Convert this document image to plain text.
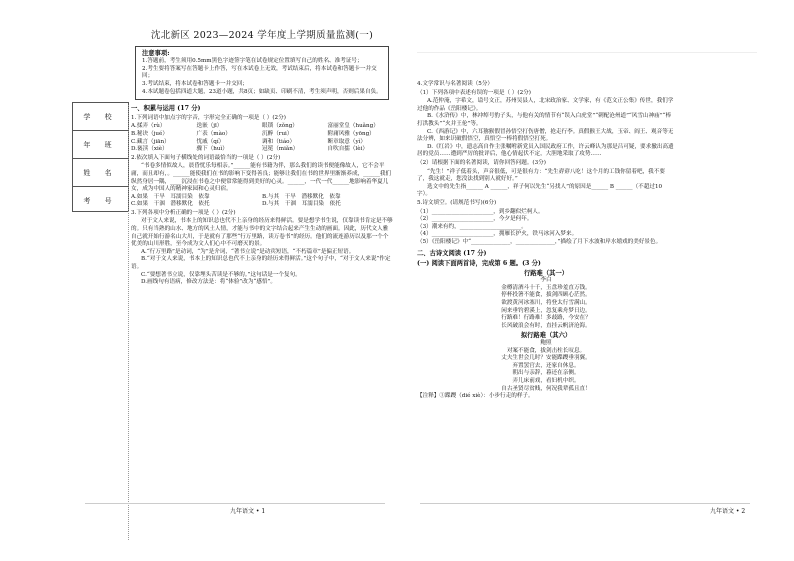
学 校
年 班
姓 名
考 号
沈北新区 2023—2024 学年度上学期质量监测(一)
注意事项:
1.答题前，考生须用0.5mm黑色字迹签字笔在试卷规定位置填写自己的姓名、准考证号；
2.考生要将答案写在答题卡上作答，写在本试卷上无效，考试结束后，将本试卷和答题卡一并交回；
3.考试结束，将本试卷和答题卡一并交回；
4.本试题卷包括四道大题，23道小题，共8页；如缺页、印刷不清，考生须声明，否则后果自负。
一、积累与运用 (17 分)
1.下列词语中加点字的字音，字形完全正确的一项是（ ）(2分)
A.揉弄（rù）	迭嵌（jī）	眼锁（zǒng）	富丽堂皇（huǎng）
B.秘诀（jué）	广表（mào）	沉醉（rui）	附庸风雅（yōng）
C.藏言（jiān）	忧戚（qí）	调和（tiáo）	断章取意（yì）
D.亵渎（xiè）	骤下（huì）	冠冕（miǎn）	自吹自擂（lèi）
2.依次填入下面句子横线处的词语最恰当的一项是（ ）(2分)
“书卷多情似故人，晨昏忧乐每相亲。”______能有书籍为伴，那么我们的读书便能像故人，它不会平庸，而且却有，。______能使我们在书的影响下变得善良；能够让我们在书的世界里渐渐养成，______我们纵然身居一隅，____沉浸在书卷之中便常常能得到美好的心灵。______，一代一代______地影响着华夏儿女，成为中国人的精神家园和心灵归宿。
A.如果　干旱　耳濡目染　依靠	B.与其　干旱　潜移默化　依靠
C.如果　干涸　潜移默化　依托	D.与其　干涸　耳濡目染　依托
3.下列各项中分析正确的一项是（ ）(2分)
对于文人来说，书本上的知识总也代不上亲身的经历来得鲜活。要是想学书生说，仅靠读书肯定是不够的。只有当熟的山水、地方的风土人情，才能与书中的文字结合起来产生生动的画面。因此，历代文人雅自己就开始行游名山大川，于是就有了那些“行万里路，读万卷书”的经历。他们的流连游历以及那一个个优美的山川形胜，至今成为文人们心中不可磨灭的景。
A.“行万里路”是动词，“为”是介词，“著书立说”是动宾短语，“不朽篇章”是偏正短语。
B.“对于文人来说，书本上的知识总也代不上亲身的经历来得鲜活。”这个句子中，“对于文人来说”作定语。
C.“要想著书立说，仅靠埋头苦读是不够的。”这句话是一个复句。
D.画线句有语病，修改方法是：将“体验”改为“感悟”。
4.文学常识与名著阅读（5分）
（1）下列各项中表述有误的一项是（ ）(2分)
A.范仲淹，字希文，谥号文正，苏州吴县人，北宋政治家、文学家，有《范文正公集》传世，我们学过他的作品《岳阳楼记》。
B.《水浒传》中，林冲绰号豹子头，与他有关的情节有“误入白虎堂”“刺配沧州道”“风雪山神庙”“棒打洪教头”“火并王伦”等。
C.《西游记》中，六耳猕猴假冒孙悟空打伤唐僧，抢走行李。真假猴王大战，玉帝、阎王、观音等无法分辨，如来识破假悟空，真悟空一棒将假悟空打死。
D.《红岩》中，遗志高自作主张嘱咐新党员入国民政府工作，许云峰认为那是吕可疑，要求撤出高遗居的党员……遭到严厉的批评后，他心情起伏不定，大胆地采取了攻势……
（2）请根据下面的名著阅读，请你回答问题。(3分)
“先生！”祥子低着头，声音很低，可是很有力：“先生孬孬八吃！这个月的工钱你留着吧，我不要了，我这就走，您没法找到别人就好好。”
选文中的先生指______ A ______，祥子何以先生“另找人”的原因是______ B ______（不超过10字）。
5.诗文填空。(请规范书写)(6分)
（1）______________________，到乡翻似烂柯人。
（2）______________________，今夕是何年。
（3）潮来有约，______________________。
（4）______________________，拥雁长护火，铁马冰河入梦来。
（5）《岳阳楼记》中“______________，______________，”描绘了月下水波和岸水嬉戏的美好景色。
二、古诗文阅读 (17 分)
(一) 阅读下面两首诗，完成第 6 题。(3 分)
行路难（其一）
李白
金樽清酒斗十千，玉盘珍羞直万钱。
停杯投箸不能食，拔剑四顾心茫然。
欲渡黄河冰塞川，将登太行雪满山。
闲来垂钓碧溪上，忽复乘舟梦日边。
行路难！行路难！多歧路，今安在？
长风破浪会有时，直挂云帆济沧海。
拟行路难（其六）
鲍照
对案不能食，拔剑击柱长叹息。
丈夫生世会几时？安能蹀躞垂羽翼。
弃置罢官去，还家自休息。
朝出与亲辞，暮还在亲侧。
弄儿床前戏，看妇机中织。
自古圣贤尽贫贱，何况我辈孤且直！
【注释】①蹀躞（dié xiè）：小步行走的样子。
九年语文 • 1	九年语文 • 2
